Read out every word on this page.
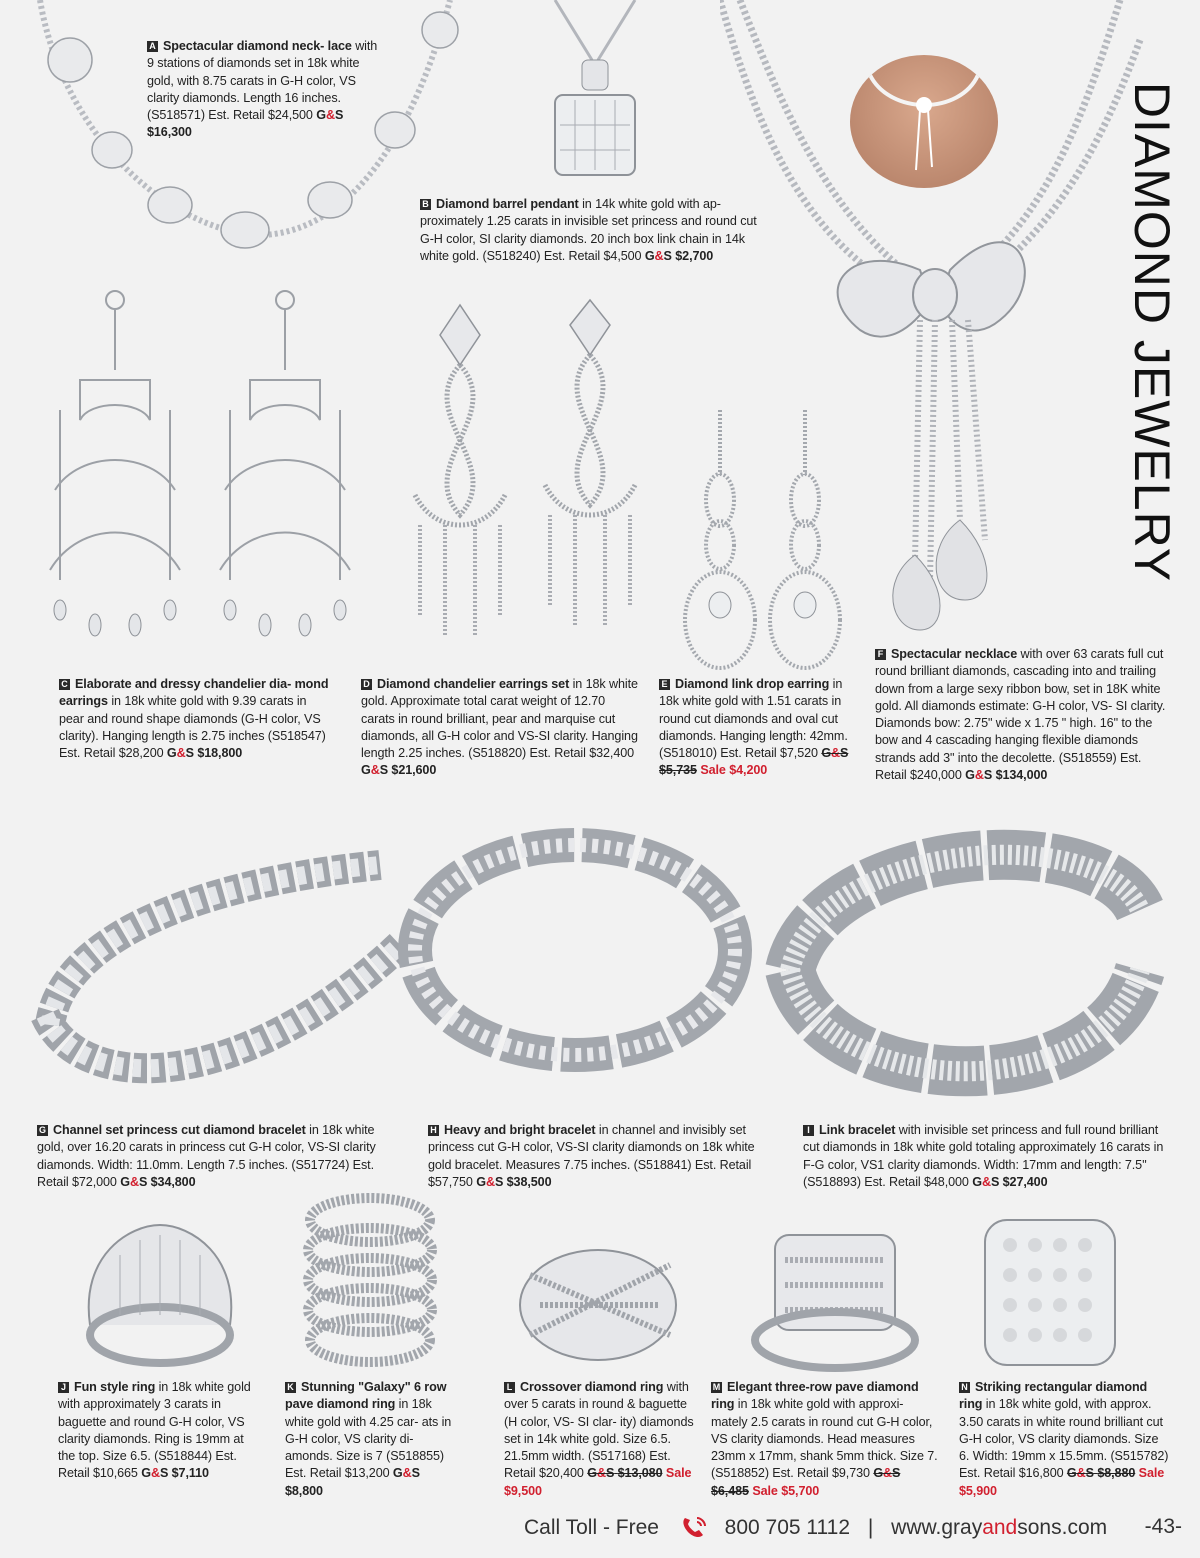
DIAMOND JEWELRY
A Spectacular diamond neck- lace with 9 stations of diamonds set in 18k white gold, with 8.75 carats in G-H color, VS clarity diamonds. Length 16 inches. (S518571) Est. Retail $24,500 G&S $16,300
B Diamond barrel pendant in 14k white gold with ap- proximately 1.25 carats in invisible set princess and round cut G-H color, SI clarity diamonds. 20 inch box link chain in 14k white gold. (S518240) Est. Retail $4,500 G&S $2,700
C Elaborate and dressy chandelier dia- mond earrings in 18k white gold with 9.39 carats in pear and round shape diamonds (G-H color, VS clarity). Hanging length is 2.75 inches (S518547) Est. Retail $28,200 G&S $18,800
D Diamond chandelier earrings set in 18k white gold. Approximate total carat weight of 12.70 carats in round brilliant, pear and marquise cut diamonds, all G-H color and VS-SI clarity. Hanging length 2.25 inches. (S518820) Est. Retail $32,400 G&S $21,600
E Diamond link drop earring in 18k white gold with 1.51 carats in round cut diamonds and oval cut diamonds. Hanging length: 42mm. (S518010) Est. Retail $7,520 G&S $5,735 Sale $4,200
F Spectacular necklace with over 63 carats full cut round brilliant diamonds, cascading into and trailing down from a large sexy ribbon bow, set in 18K white gold. All diamonds estimate: G-H color, VS- SI clarity. Diamonds bow: 2.75" wide x 1.75 " high. 16" to the bow and 4 cascading hanging flexible diamonds strands add 3" into the decolette. (S518559) Est. Retail $240,000 G&S $134,000
G Channel set princess cut diamond bracelet in 18k white gold, over 16.20 carats in princess cut G-H color, VS-SI clarity diamonds. Width: 11.0mm. Length 7.5 inches. (S517724) Est. Retail $72,000 G&S $34,800
H Heavy and bright bracelet in channel and invisibly set princess cut G-H color, VS-SI clarity diamonds on 18k white gold bracelet. Measures 7.75 inches. (S518841) Est. Retail $57,750 G&S $38,500
I Link bracelet with invisible set princess and full round brilliant cut diamonds in 18k white gold totaling approximately 16 carats in F-G color, VS1 clarity diamonds. Width: 17mm and length: 7.5'' (S518893) Est. Retail $48,000 G&S $27,400
J Fun style ring in 18k white gold with approximately 3 carats in baguette and round G-H color, VS clarity diamonds. Ring is 19mm at the top. Size 6.5. (S518844) Est. Retail $10,665 G&S $7,110
K Stunning "Galaxy" 6 row pave diamond ring in 18k white gold with 4.25 car- ats in G-H color, VS clarity di- amonds. Size is 7 (S518855) Est. Retail $13,200 G&S $8,800
L Crossover diamond ring with over 5 carats in round & baguette (H color, VS- SI clar- ity) diamonds set in 14k white gold. Size 6.5. 21.5mm width. (S517168) Est. Retail $20,400 G&S $13,080 Sale $9,500
M Elegant three-row pave diamond ring in 18k white gold with approxi- mately 2.5 carats in round cut G-H color, VS clarity diamonds. Head measures 23mm x 17mm, shank 5mm thick. Size 7. (S518852) Est. Retail $9,730 G&S $6,485 Sale $5,700
N Striking rectangular diamond ring in 18k white gold, with approx. 3.50 carats in white round brilliant cut G-H color, VS clarity diamonds. Size 6. Width: 19mm x 15.5mm. (S515782) Est. Retail $16,800 G&S $8,880 Sale $5,900
Call Toll - Free	800 705 1112 | www.grayandsons.com -43-
